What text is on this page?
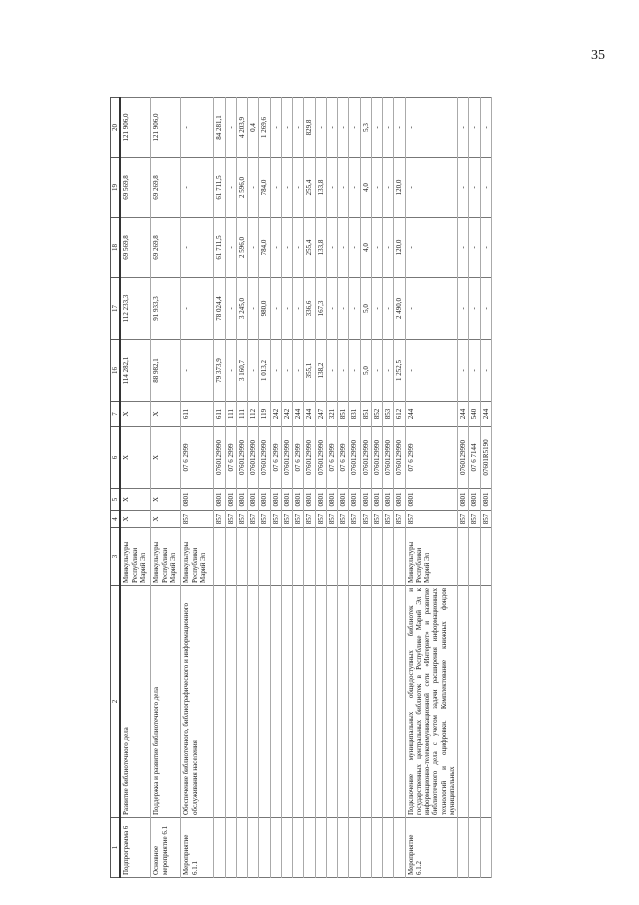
35
1	2	3	4	5	6	7	16	17	18	19	20
Подпрограмма 6	Развитие библиотечного дела	Минкультуры Республики Марий Эл	X	X	X	X	114 282,1	112 233,3	69 569,8	69 569,8	121 906,0
Основное мероприятие 6.1	Поддержка и развитие библиотечного дела	Минкультуры Республики Марий Эл	X	X	X	X	88 982,1	91 933,3	69 269,8	69 269,8	121 906,0
Мероприятие 6.1.1	Обеспечение библиотечного, библиографического и информационного обслуживания населения	Минкультуры Республики Марий Эл	857	0801	07 6 2999	611	-	-	-	-	-
			857	0801	0760129990	611	79 373,9	78 024,4	61 711,5	61 711,5	84 281,1
			857	0801	07 6 2999	111	-	-	-	-	-
			857	0801	0760129990	111	3 160,7	3 245,0	2 596,0	2 596,0	4 203,9
			857	0801	0760129990	112	-	-	-	-	0,4
			857	0801	0760129990	119	1 013,2	980,0	784,0	784,0	1 269,6
			857	0801	07 6 2999	242	-	-	-	-	-
			857	0801	0760129990	242	-	-	-	-	-
			857	0801	07 6 2999	244	-	-	-	-	-
			857	0801	0760129990	244	355,1	336,6	255,4	255,4	829,8
			857	0801	0760129990	247	138,2	167,3	133,8	133,8	-
			857	0801	07 6 2999	321	-	-	-	-	-
			857	0801	07 6 2999	851	-	-	-	-	-
			857	0801	0760129990	831	-	-	-	-	-
			857	0801	0760129990	851	5,0	5,0	4,0	4,0	5,3
			857	0801	0760129990	852	-	-	-	-	-
			857	0801	0760129990	853	-	-	-	-	-
			857	0801	0760129990	612	1 252,5	2 490,0	120,0	120,0	-
Мероприятие 6.1.2	Подключение муниципальных общедоступных библиотек и государственных центральных библиотек в Республике Марий Эл к информационно-телекоммуникационной сети «Интернет» и развитие библиотечного дела с учетом задачи расширения информационных технологий и оцифровки. Комплектование книжных фондов муниципальных	Минкультуры Республики Марий Эл	857	0801	07 6 2999	244	-	-	-	-	-
			857	0801	0760129990	244	-	-	-	-	-
			857	0801	07 6 7144	540	-	-	-	-	-
			857	0801	07601R5190	244	-	-	-	-	-
